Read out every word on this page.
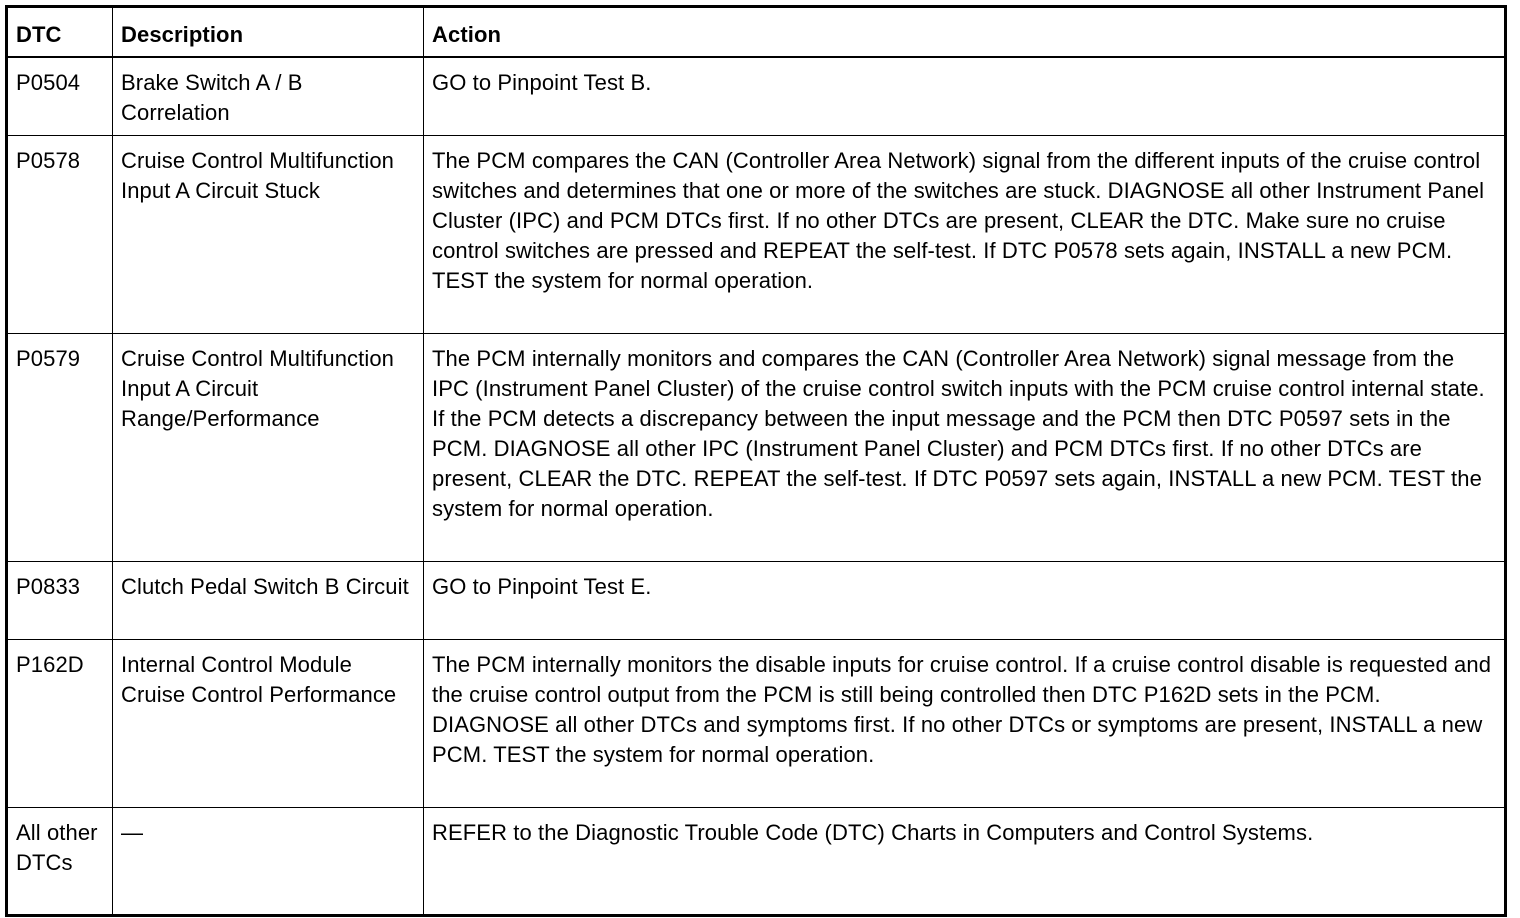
DTC	Description	Action
P0504	Brake Switch A / B Correlation	GO to Pinpoint Test B.
P0578	Cruise Control Multifunction Input A Circuit Stuck	The PCM compares the CAN (Controller Area Network) signal from the different inputs of the cruise control switches and determines that one or more of the switches are stuck. DIAGNOSE all other Instrument Panel Cluster (IPC) and PCM DTCs first. If no other DTCs are present, CLEAR the DTC. Make sure no cruise control switches are pressed and REPEAT the self-test. If DTC P0578 sets again, INSTALL a new PCM. TEST the system for normal operation.
P0579	Cruise Control Multifunction Input A Circuit Range/Performance	The PCM internally monitors and compares the CAN (Controller Area Network) signal message from the IPC (Instrument Panel Cluster) of the cruise control switch inputs with the PCM cruise control internal state. If the PCM detects a discrepancy between the input message and the PCM then DTC P0597 sets in the PCM. DIAGNOSE all other IPC (Instrument Panel Cluster) and PCM DTCs first. If no other DTCs are present, CLEAR the DTC. REPEAT the self-test. If DTC P0597 sets again, INSTALL a new PCM. TEST the system for normal operation.
P0833	Clutch Pedal Switch B Circuit	GO to Pinpoint Test E.
P162D	Internal Control Module Cruise Control Performance	The PCM internally monitors the disable inputs for cruise control. If a cruise control disable is requested and the cruise control output from the PCM is still being controlled then DTC P162D sets in the PCM. DIAGNOSE all other DTCs and symptoms first. If no other DTCs or symptoms are present, INSTALL a new PCM. TEST the system for normal operation.
All other DTCs	—	REFER to the Diagnostic Trouble Code (DTC) Charts in Computers and Control Systems.
